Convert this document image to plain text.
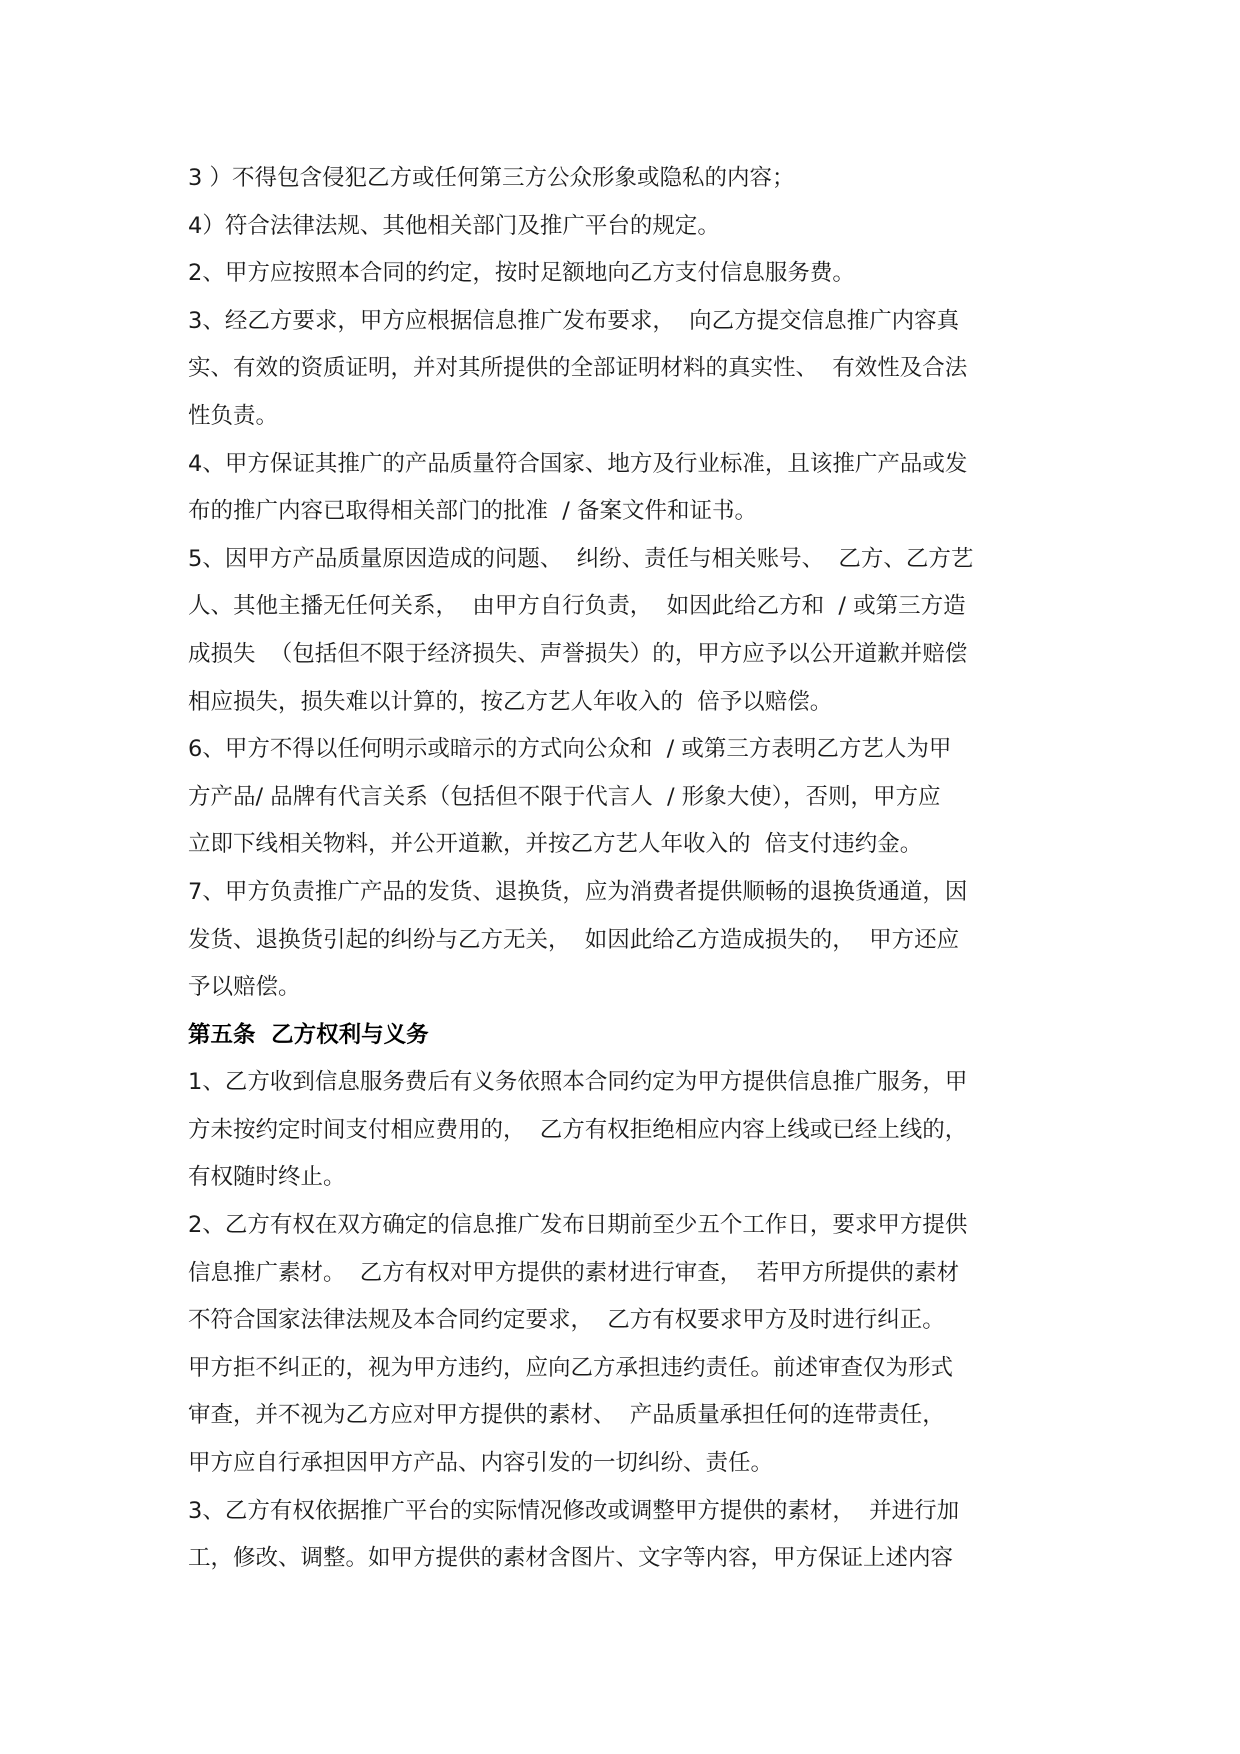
3 ）不得包含侵犯乙方或任何第三方公众形象或隐私的内容；
4）符合法律法规、其他相关部门及推广平台的规定。
2、甲方应按照本合同的约定，按时足额地向乙方支付信息服务费。
3、经乙方要求，甲方应根据信息推广发布要求，  向乙方提交信息推广内容真
实、有效的资质证明，并对其所提供的全部证明材料的真实性、  有效性及合法
性负责。
4、甲方保证其推广的产品质量符合国家、地方及行业标准，且该推广产品或发
布的推广内容已取得相关部门的批准  / 备案文件和证书。
5、因甲方产品质量原因造成的问题、  纠纷、责任与相关账号、  乙方、乙方艺
人、其他主播无任何关系，  由甲方自行负责，  如因此给乙方和  / 或第三方造
成损失  （包括但不限于经济损失、声誉损失）的，甲方应予以公开道歉并赔偿
相应损失，损失难以计算的，按乙方艺人年收入的  倍予以赔偿。
6、甲方不得以任何明示或暗示的方式向公众和  / 或第三方表明乙方艺人为甲
方产品/ 品牌有代言关系（包括但不限于代言人  / 形象大使），否则，甲方应
立即下线相关物料，并公开道歉，并按乙方艺人年收入的  倍支付违约金。
7、甲方负责推广产品的发货、退换货，应为消费者提供顺畅的退换货通道，因
发货、退换货引起的纠纷与乙方无关，  如因此给乙方造成损失的，  甲方还应
予以赔偿。
第五条  乙方权利与义务
1、乙方收到信息服务费后有义务依照本合同约定为甲方提供信息推广服务，甲
方未按约定时间支付相应费用的，  乙方有权拒绝相应内容上线或已经上线的，
有权随时终止。
2、乙方有权在双方确定的信息推广发布日期前至少五个工作日，要求甲方提供
信息推广素材。  乙方有权对甲方提供的素材进行审查，  若甲方所提供的素材
不符合国家法律法规及本合同约定要求，  乙方有权要求甲方及时进行纠正。
甲方拒不纠正的，视为甲方违约，应向乙方承担违约责任。前述审查仅为形式
审查，并不视为乙方应对甲方提供的素材、  产品质量承担任何的连带责任，
甲方应自行承担因甲方产品、内容引发的一切纠纷、责任。
3、乙方有权依据推广平台的实际情况修改或调整甲方提供的素材，  并进行加
工，修改、调整。如甲方提供的素材含图片、文字等内容，甲方保证上述内容
